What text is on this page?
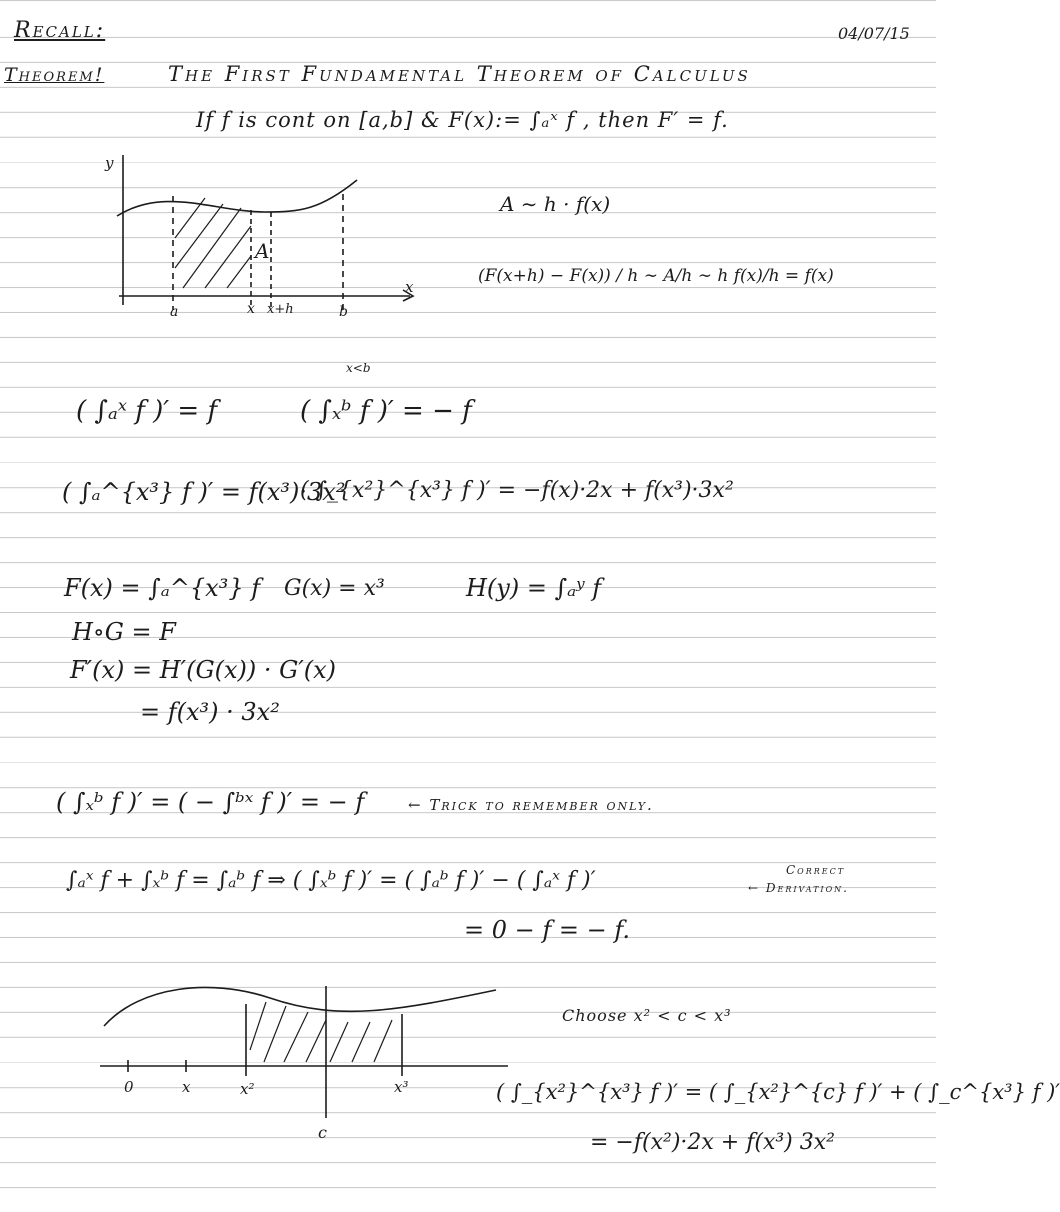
Recall:	04/07/15
Theorem!	The First Fundamental Theorem of Calculus
If f is cont on [a,b] & F(x):= ∫ₐˣ f , then F′ = f.
y
x
A
a	x x+h	b
A ∼ h · f(x)
(F(x+h) − F(x)) / h ∼ A/h ∼ h f(x)/h = f(x)
( ∫ₐˣ f )′ = f
x<b
( ∫ₓᵇ f )′ = − f
( ∫ₐ^{x³} f )′ = f(x³)·3x²
( ∫_{x²}^{x³} f )′ = −f(x)·2x + f(x³)·3x²
F(x) = ∫ₐ^{x³} f G(x) = x³	H(y) = ∫ₐʸ f
H∘G = F
F′(x) = H′(G(x)) · G′(x)
= f(x³) · 3x²
( ∫ₓᵇ f )′ = ( − ∫ᵇˣ f )′ = − f	← Trick to remember only.
∫ₐˣ f + ∫ₓᵇ f = ∫ₐᵇ f ⇒ ( ∫ₓᵇ f )′ = ( ∫ₐᵇ f )′ − ( ∫ₐˣ f )′	Correct
← Derivation.
= 0 − f = − f.
0	x	x²	x³
c
Choose x² < c < x³
( ∫_{x²}^{x³} f )′ = ( ∫_{x²}^{c} f )′ + ( ∫_c^{x³} f )′
= −f(x²)·2x + f(x³) 3x²
